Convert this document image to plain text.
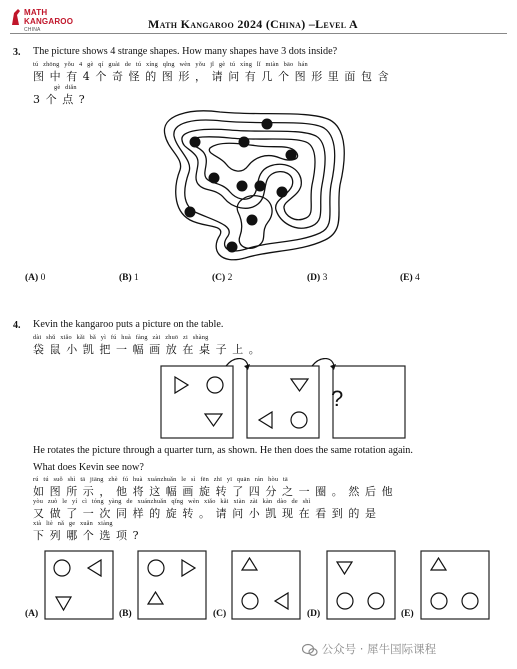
MATH
KANGAROO
CHINA	Math Kangaroo 2024 (China) –Level A
3. The picture shows 4 strange shapes. How many shapes have 3 dots inside?
tú zhōng yǒu 4 gè qí guài de tú xíng qǐng wèn yǒu jǐ gè tú xíng lǐ miàn bāo hán
图中有4个奇怪的图形，请问有几个图形里面包含
gè diǎn
3个点?
(A) 0	(B) 1	(C) 2	(D) 3	(E) 4
4. Kevin the kangaroo puts a picture on the table.
dài shǔ xiǎo kǎi bǎ yì fú huà fàng zài zhuō zi shàng
袋鼠小凯把一幅画放在桌子上。
?
He rotates the picture through a quarter turn, as shown. He then does the same rotation again.
What does Kevin see now?
rú tú suǒ shì tā jiāng zhè fú huà xuánzhuǎn le sì fēn zhī yī quān rán hòu tā
如图所示，他将这幅画旋转了四分之一圈。然后他
yòu zuò le yí cì tóng yàng de xuánzhuǎn qǐng wèn xiǎo kǎi xiàn zài kàn dào de shì
又做了一次同样的旋转。请问小凯现在看到的是
xià liè nǎ ge xuǎn xiàng
下列哪个选项?
(A)	(B)	(C)	(D)	(E)
公众号 · 犀牛国际课程
